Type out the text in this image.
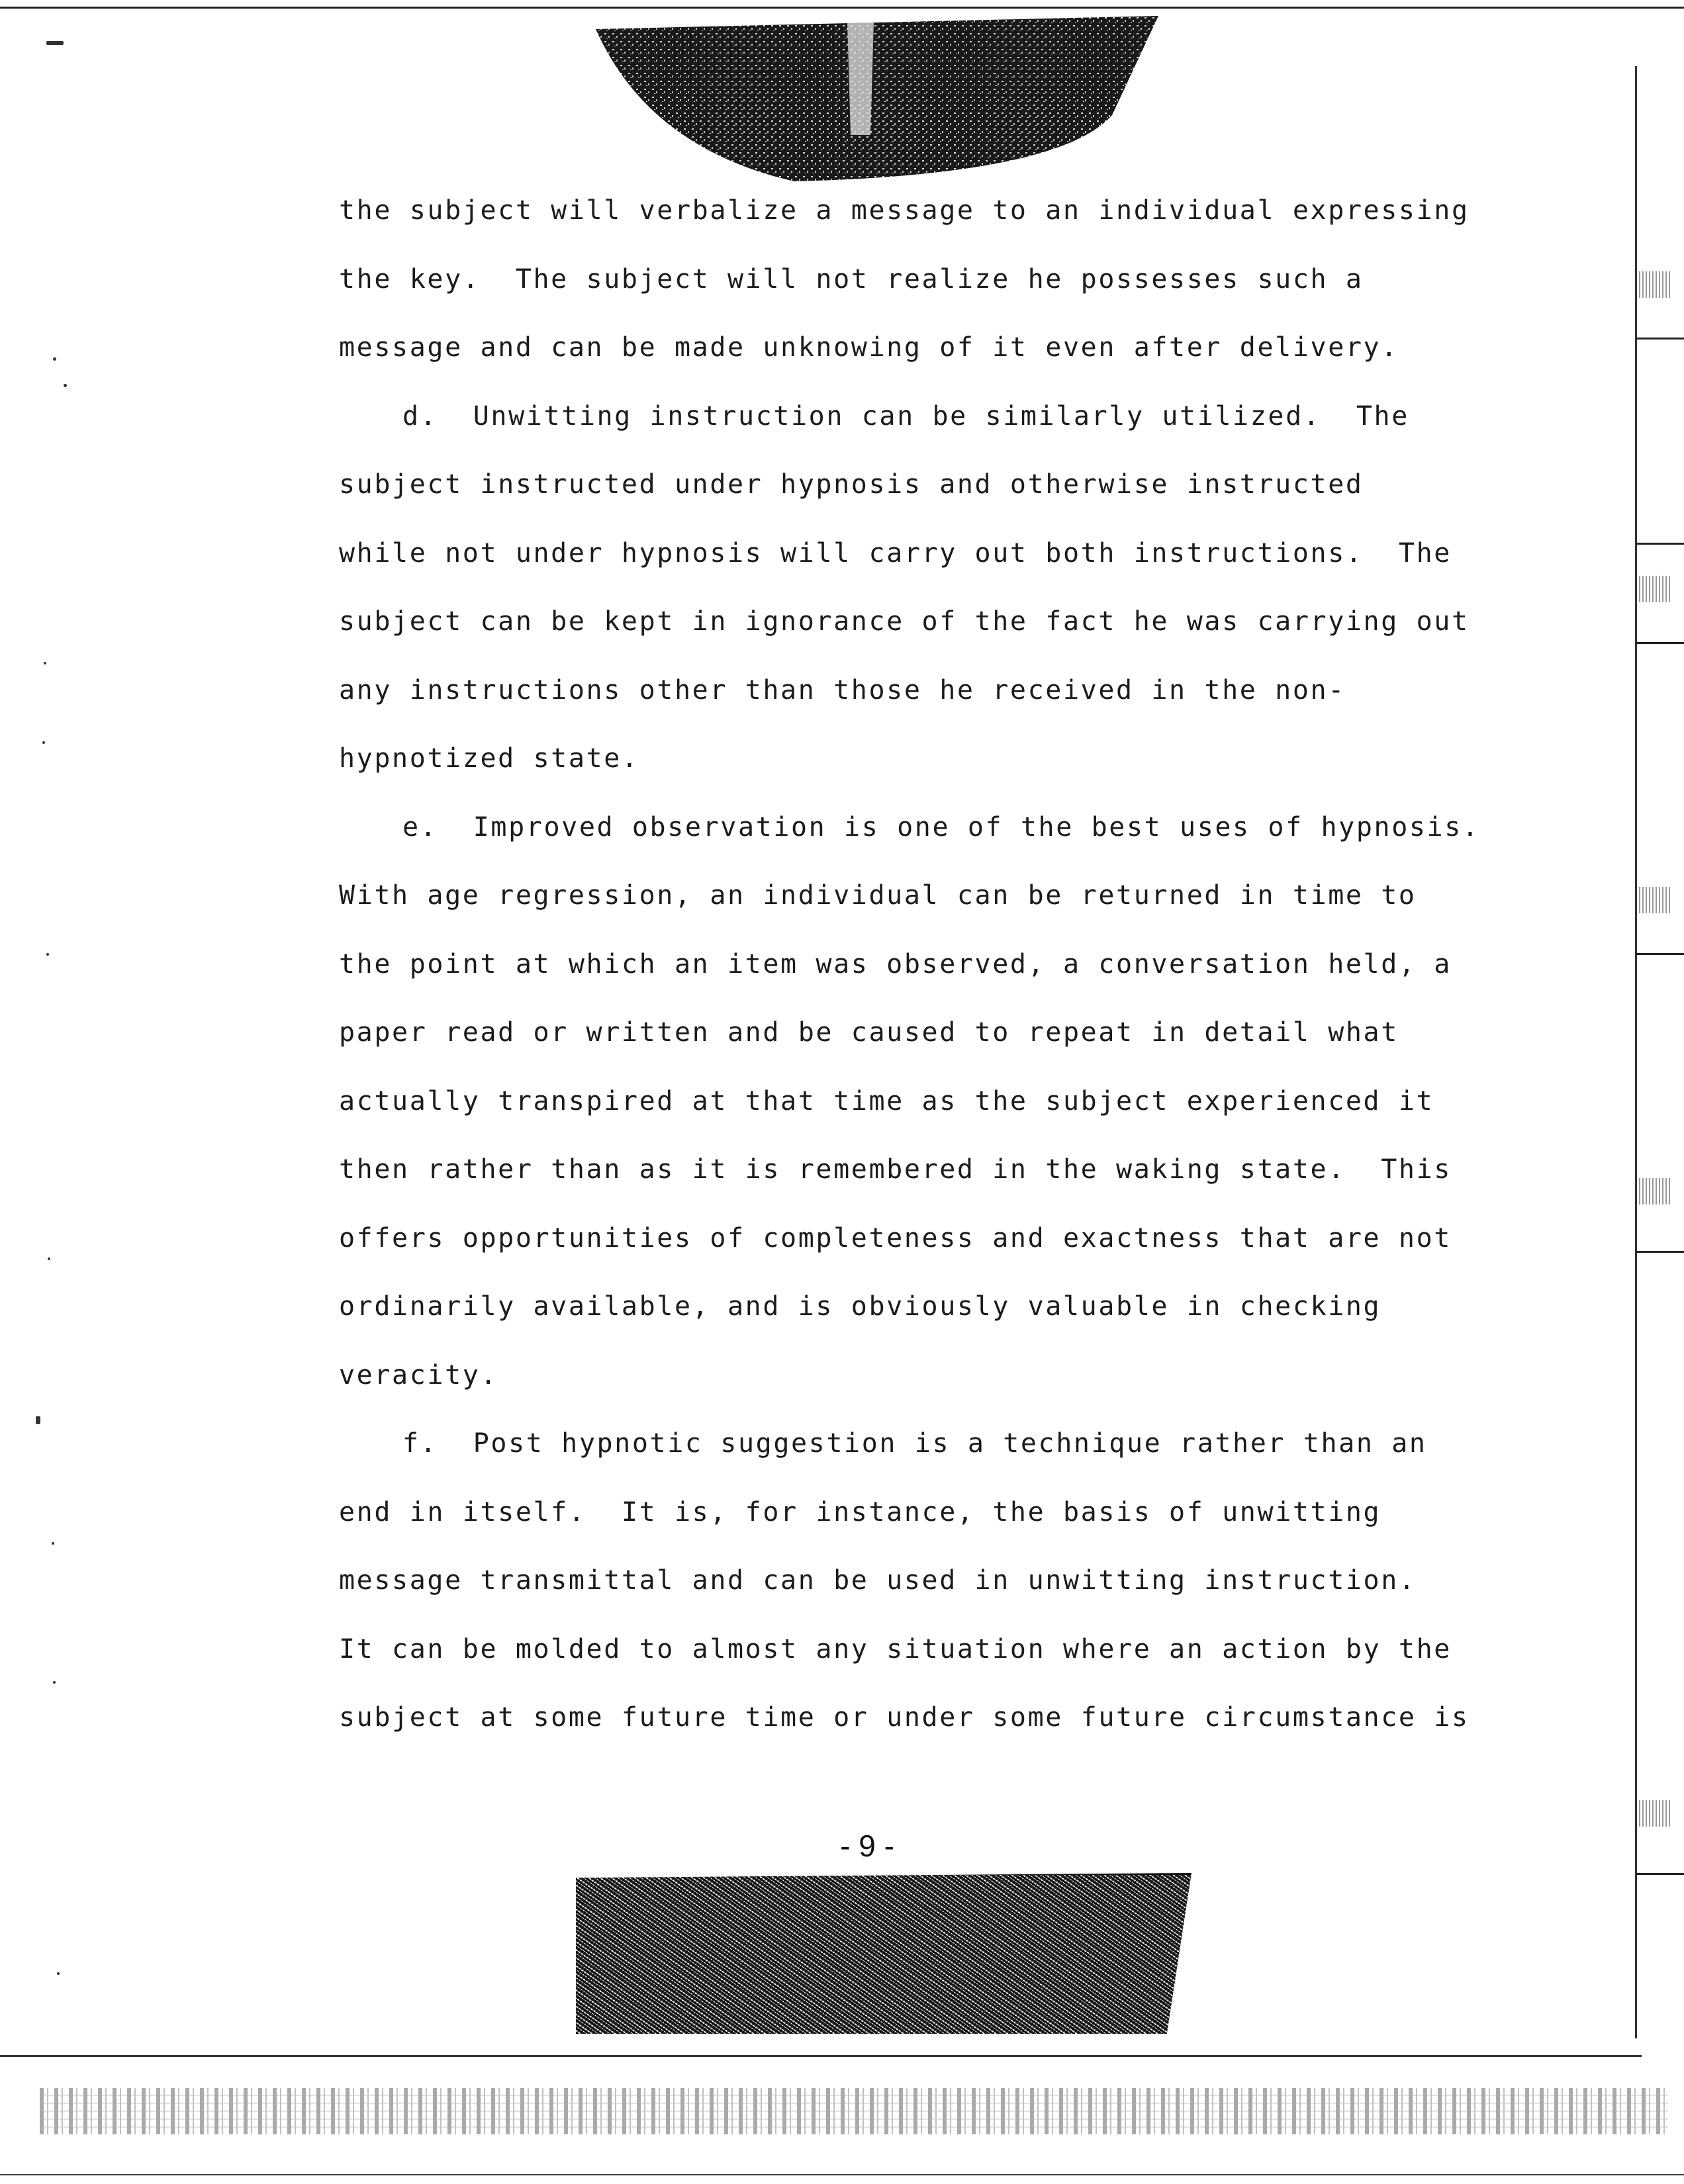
the subject will verbalize a message to an individual expressing
the key.  The subject will not realize he possesses such a
message and can be made unknowing of it even after delivery.
d.  Unwitting instruction can be similarly utilized.  The
subject instructed under hypnosis and otherwise instructed
while not under hypnosis will carry out both instructions.  The
subject can be kept in ignorance of the fact he was carrying out
any instructions other than those he received in the non-
hypnotized state.
e.  Improved observation is one of the best uses of hypnosis.
With age regression, an individual can be returned in time to
the point at which an item was observed, a conversation held, a
paper read or written and be caused to repeat in detail what
actually transpired at that time as the subject experienced it
then rather than as it is remembered in the waking state.  This
offers opportunities of completeness and exactness that are not
ordinarily available, and is obviously valuable in checking
veracity.
f.  Post hypnotic suggestion is a technique rather than an
end in itself.  It is, for instance, the basis of unwitting
message transmittal and can be used in unwitting instruction.
It can be molded to almost any situation where an action by the
subject at some future time or under some future circumstance is
- 9 -
